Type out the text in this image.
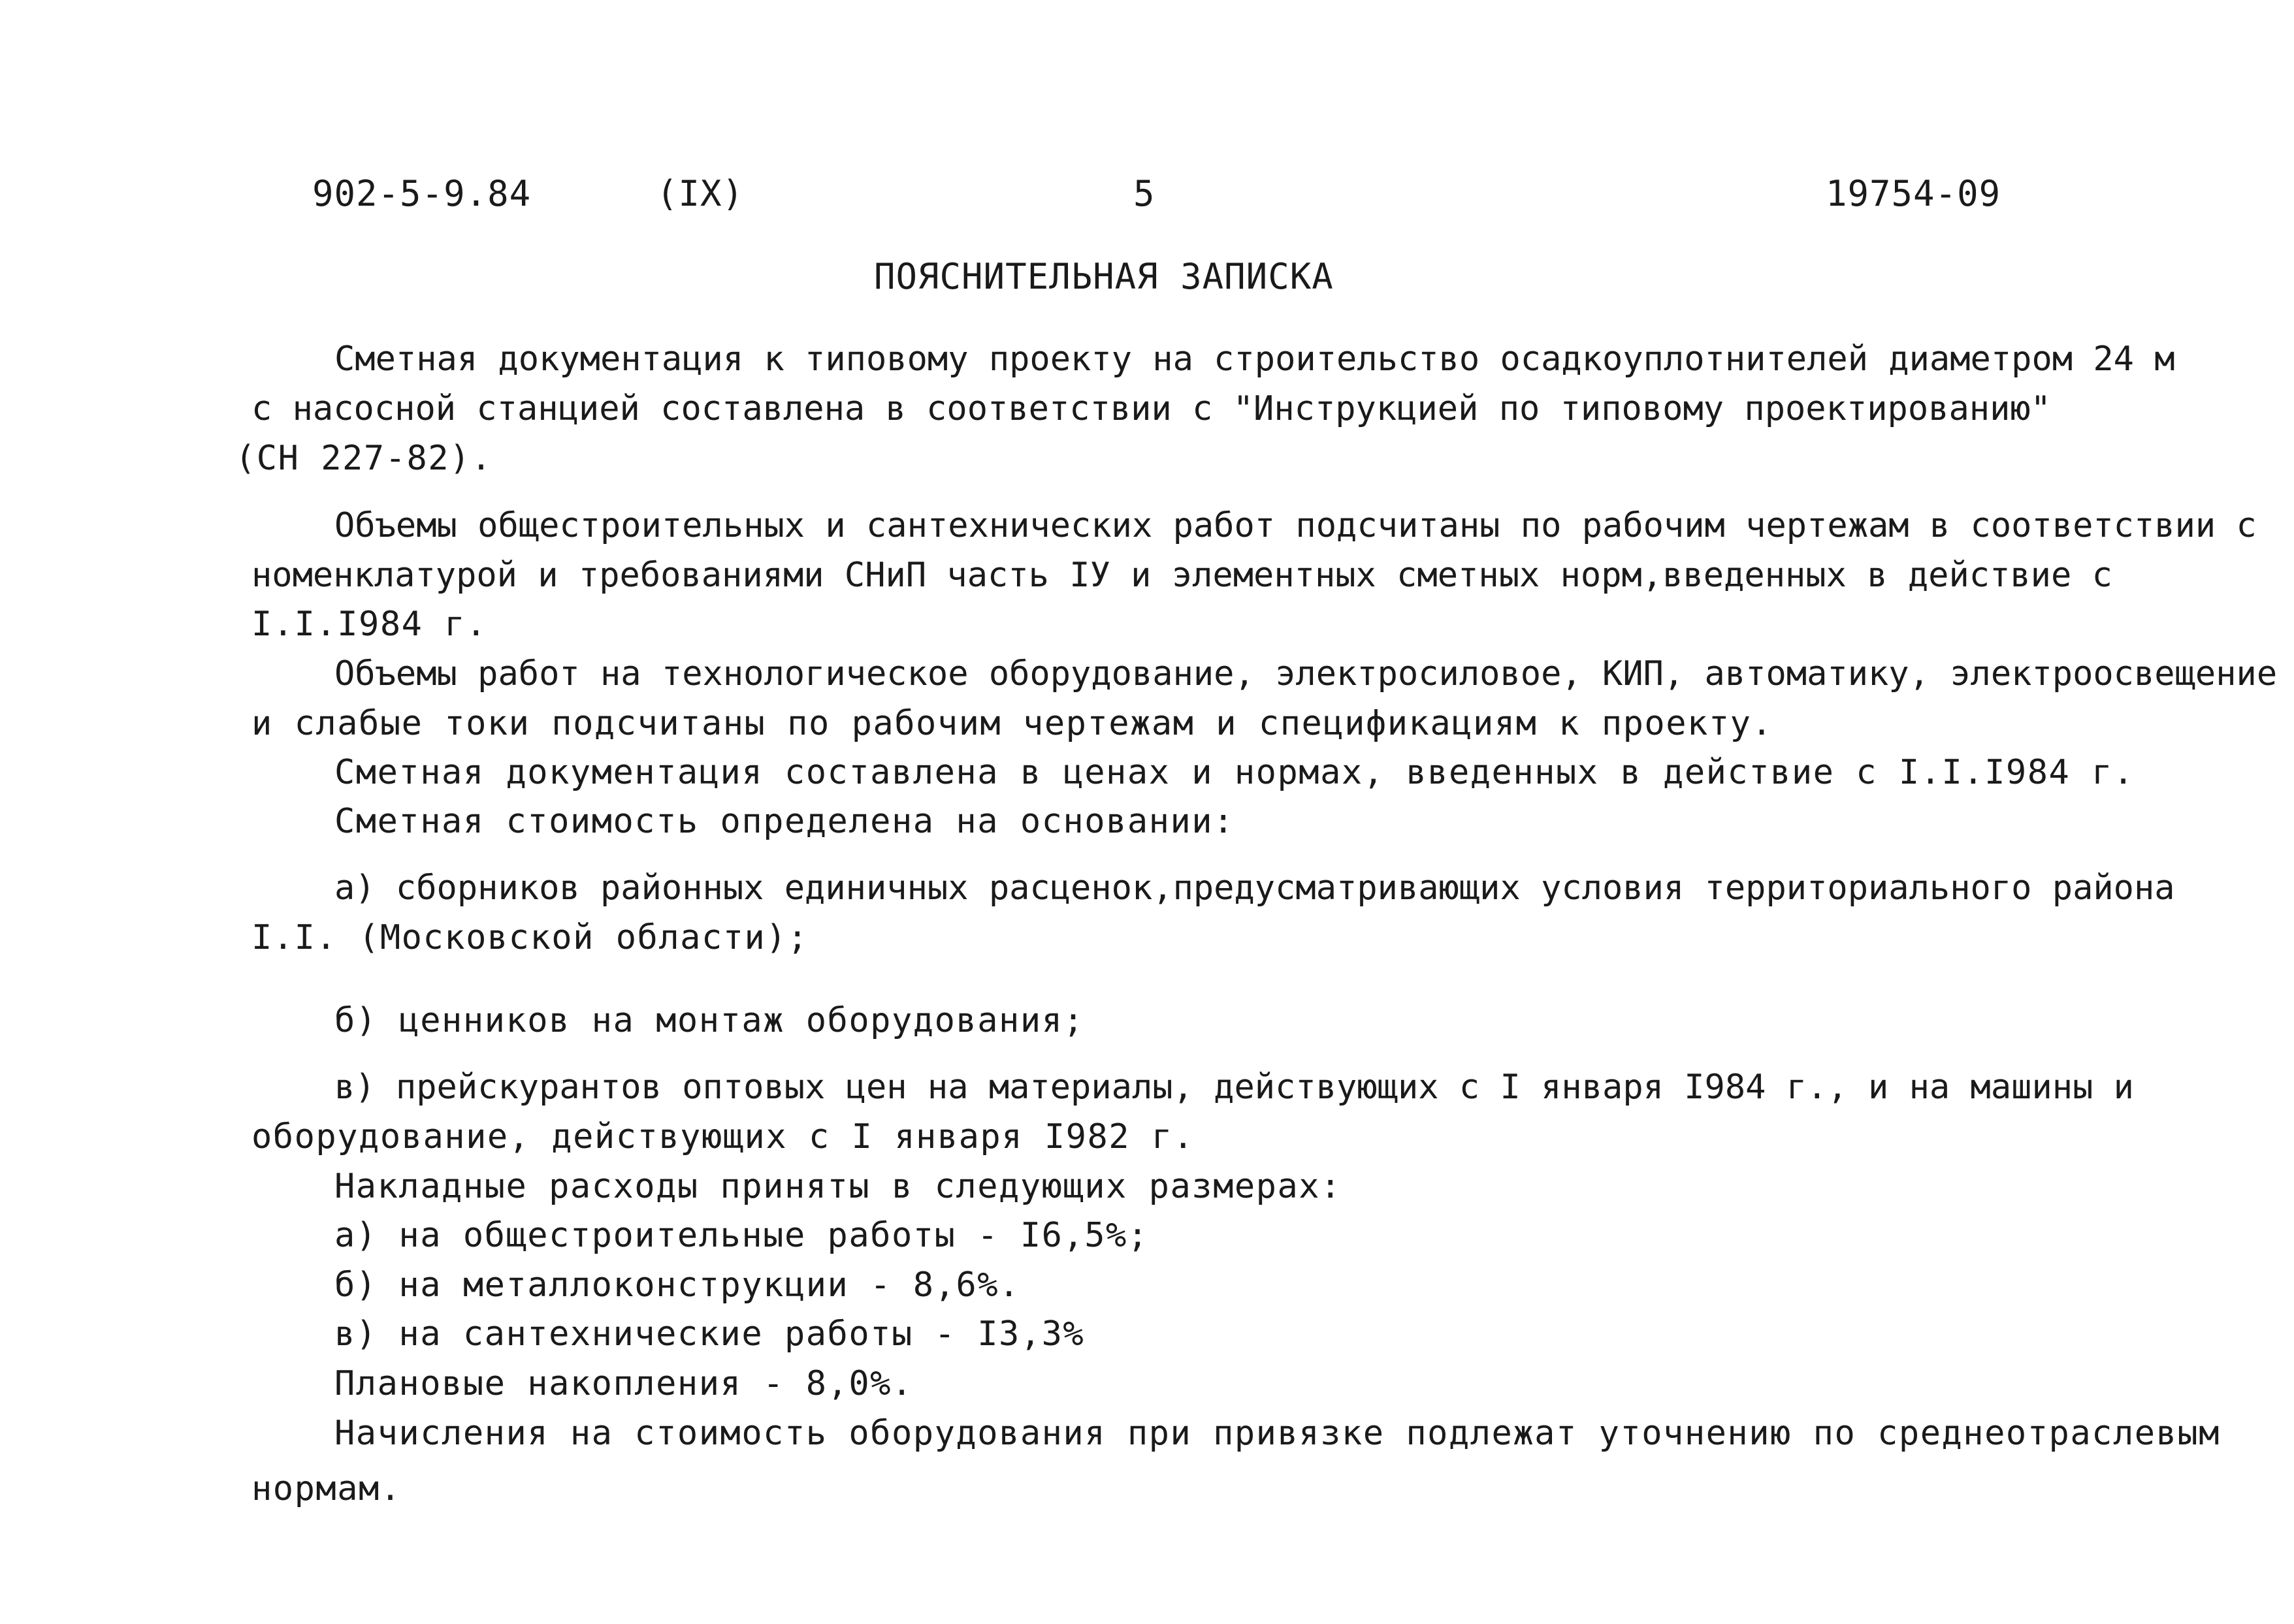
902-5-9.84	(IX)	5	19754-09
ПОЯСНИТЕЛЬНАЯ ЗАПИСКА
Сметная документация к типовому проекту на строительство осадкоуплотнителей диаметром 24 м
с насосной станцией составлена в соответствии с "Инструкцией по типовому проектированию"
(СН 227-82).
Объемы общестроительных и сантехнических работ подсчитаны по рабочим чертежам в соответствии с
номенклатурой и требованиями СНиП часть IУ и элементных сметных норм,введенных в действие с
I.I.I984 г.
Объемы работ на технологическое оборудование, электросиловое, КИП, автоматику, электроосвещение
и слабые токи подсчитаны по рабочим чертежам и спецификациям к проекту.
Сметная документация составлена в ценах и нормах, введенных в действие с I.I.I984 г.
Сметная стоимость определена на основании:
а) сборников районных единичных расценок,предусматривающих условия территориального района
I.I. (Московской области);
б) ценников на монтаж оборудования;
в) прейскурантов оптовых цен на материалы, действующих с I января I984 г., и на машины и
оборудование, действующих с I января I982 г.
Накладные расходы приняты в следующих размерах:
а) на общестроительные работы - I6,5%;
б) на металлоконструкции - 8,6%.
в) на сантехнические работы - I3,3%
Плановые накопления - 8,0%.
Начисления на стоимость оборудования при привязке подлежат уточнению по среднеотраслевым
нормам.
